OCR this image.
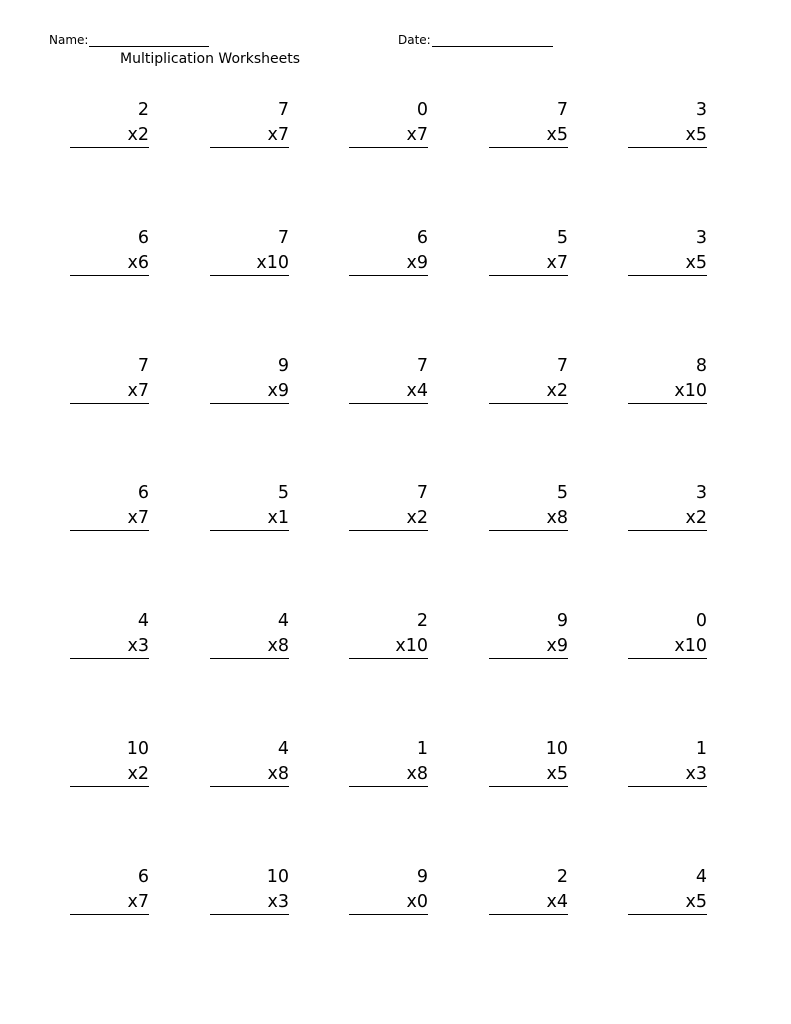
Name:	Date:
Multiplication Worksheets
2
x2
7
x7
0
x7
7
x5
3
x5
6
x6
7
x10
6
x9
5
x7
3
x5
7
x7
9
x9
7
x4
7
x2
8
x10
6
x7
5
x1
7
x2
5
x8
3
x2
4
x3
4
x8
2
x10
9
x9
0
x10
10
x2
4
x8
1
x8
10
x5
1
x3
6
x7
10
x3
9
x0
2
x4
4
x5
